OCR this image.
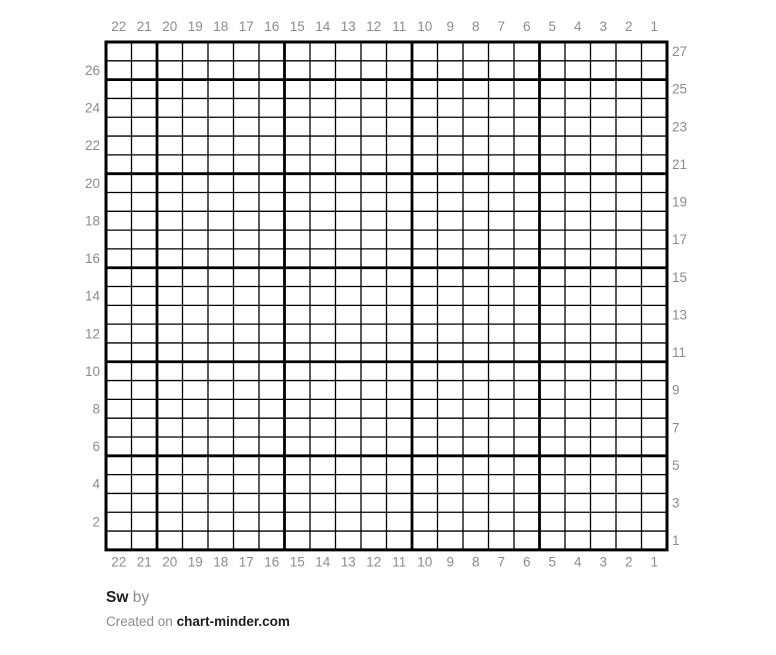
22
22
21
21
20
20
19
19
18
18
17
17
16
16
15
15
14
14
13
13
12
12
11
11
10
10
9
9
8
8
7
7
6
6
5
5
4
4
3
3
2
2
1
1
26
24
22
20
18
16
14
12
10
8
6
4
2
27
25
23
21
19
17
15
13
11
9
7
5
3
1

Sw by

Created on chart-minder.com
